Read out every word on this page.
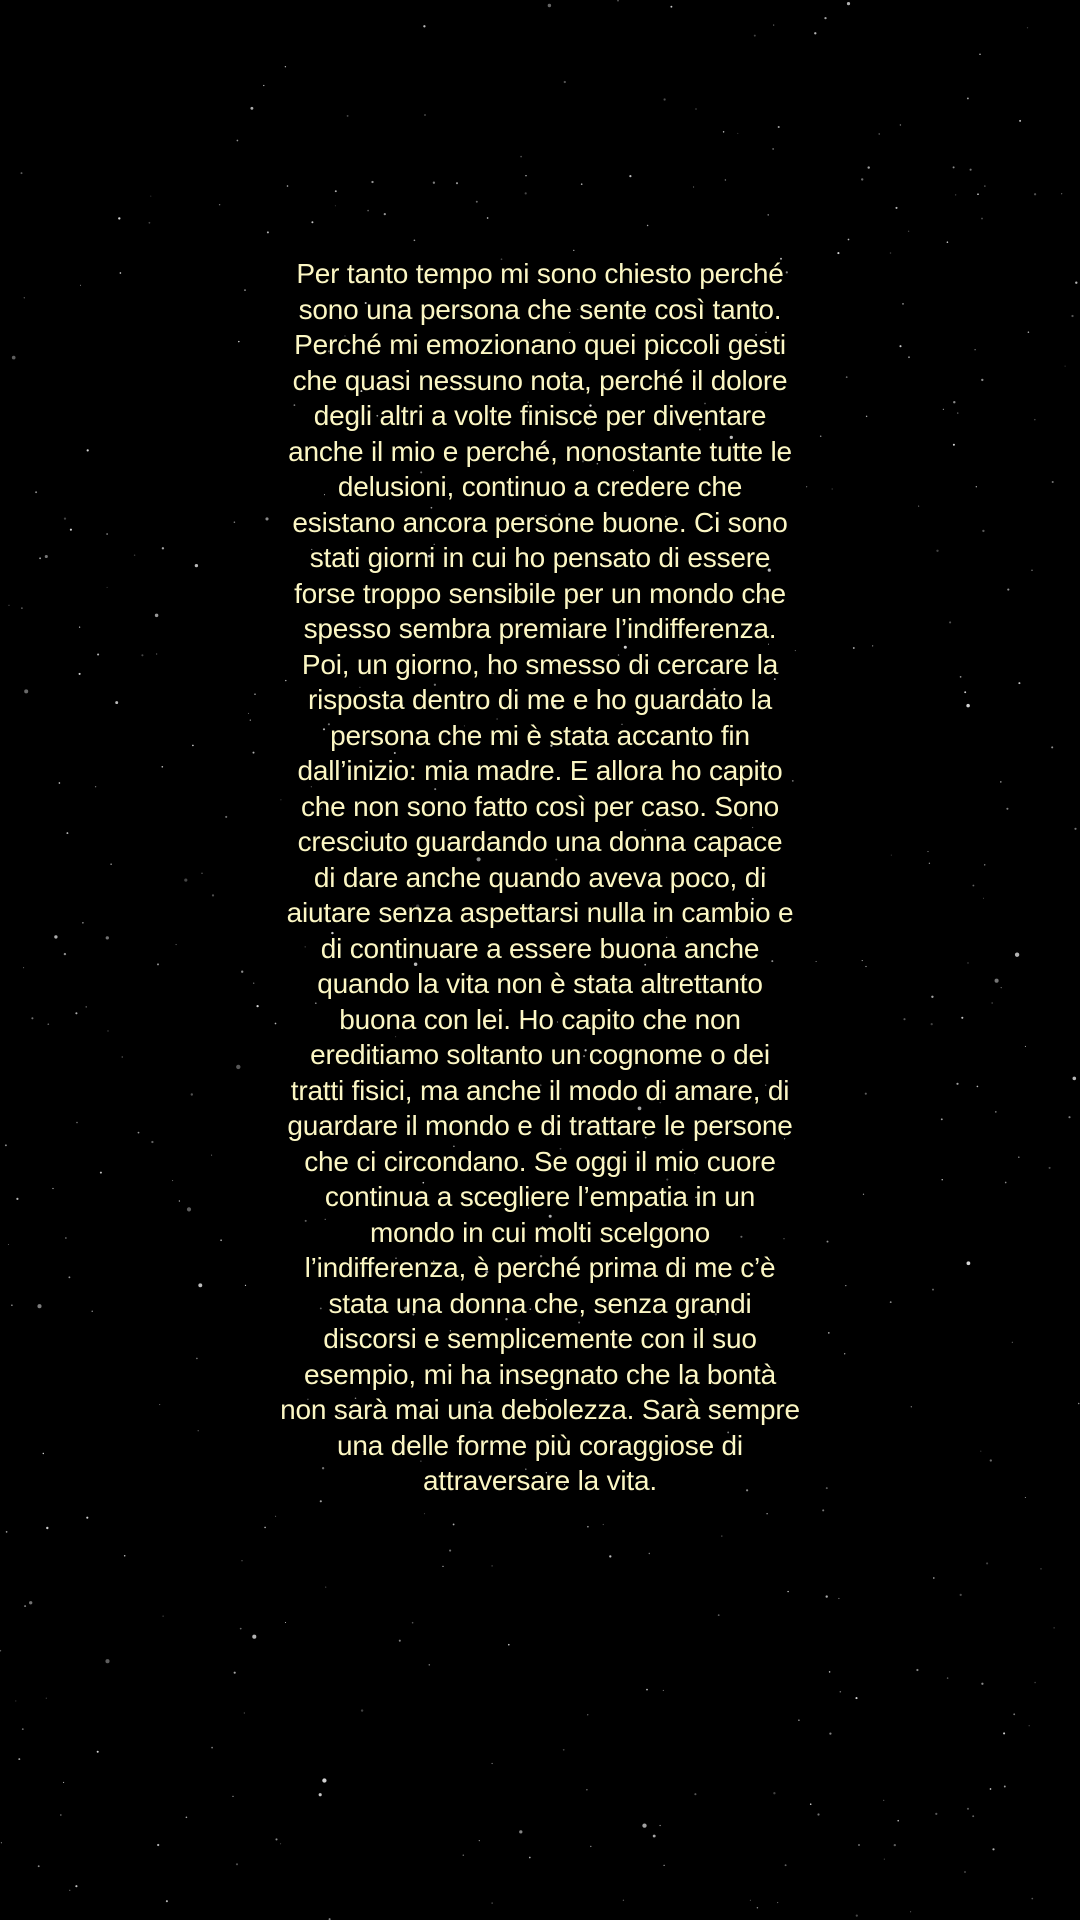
Per tanto tempo mi sono chiesto perché
sono una persona che sente così tanto.
Perché mi emozionano quei piccoli gesti
che quasi nessuno nota, perché il dolore
degli altri a volte finisce per diventare
anche il mio e perché, nonostante tutte le
delusioni, continuo a credere che
esistano ancora persone buone. Ci sono
stati giorni in cui ho pensato di essere
forse troppo sensibile per un mondo che
spesso sembra premiare l’indifferenza.
Poi, un giorno, ho smesso di cercare la
risposta dentro di me e ho guardato la
persona che mi è stata accanto fin
dall’inizio: mia madre. E allora ho capito
che non sono fatto così per caso. Sono
cresciuto guardando una donna capace
di dare anche quando aveva poco, di
aiutare senza aspettarsi nulla in cambio e
di continuare a essere buona anche
quando la vita non è stata altrettanto
buona con lei. Ho capito che non
ereditiamo soltanto un cognome o dei
tratti fisici, ma anche il modo di amare, di
guardare il mondo e di trattare le persone
che ci circondano. Se oggi il mio cuore
continua a scegliere l’empatia in un
mondo in cui molti scelgono
l’indifferenza, è perché prima di me c’è
stata una donna che, senza grandi
discorsi e semplicemente con il suo
esempio, mi ha insegnato che la bontà
non sarà mai una debolezza. Sarà sempre
una delle forme più coraggiose di
attraversare la vita.
